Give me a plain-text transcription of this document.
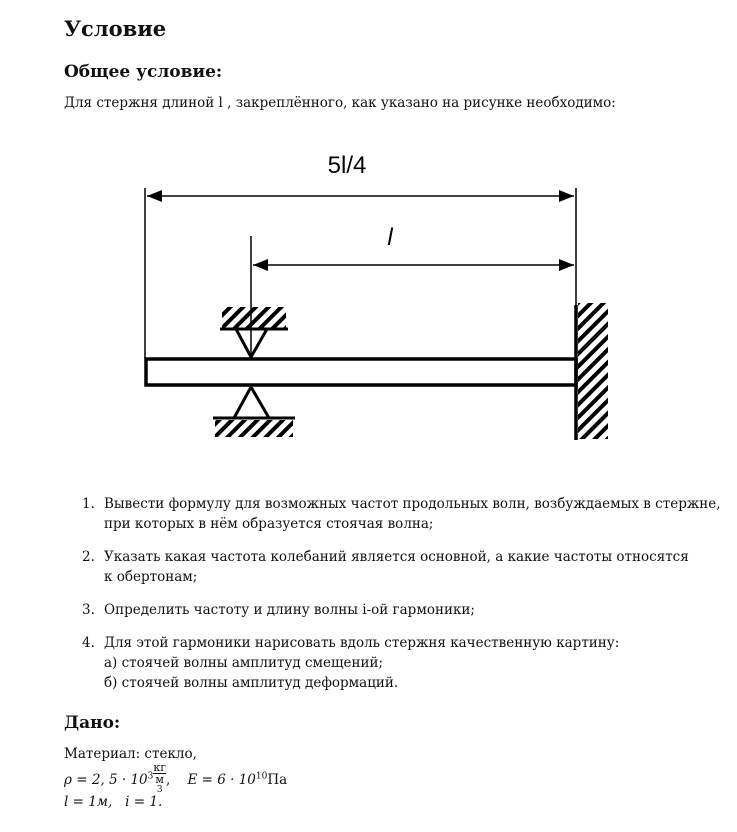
Условие
Общее условие:
Для стержня длиной l , закреплённого, как указано на рисунке необходимо:
5l/4
l
1. Вывести формулу для возможных частот продольных волн, возбуждаемых в стержне,
при которых в нём образуется стоячая волна;
2. Указать какая частота колебаний является основной, а какие частоты относятся
к обертонам;
3. Определить частоту и длину волны i-ой гармоники;
4. Для этой гармоники нарисовать вдоль стержня качественную картину:
а) стоячей волны амплитуд смещений;
б) стоячей волны амплитуд деформаций.
Дано:
Материал: стекло,
ρ = 2, $5 \cdot 10^3$ кг
м
$^3$ , $E = 6 \cdot 10^{10}Па$
l = 1м, i = 1.
